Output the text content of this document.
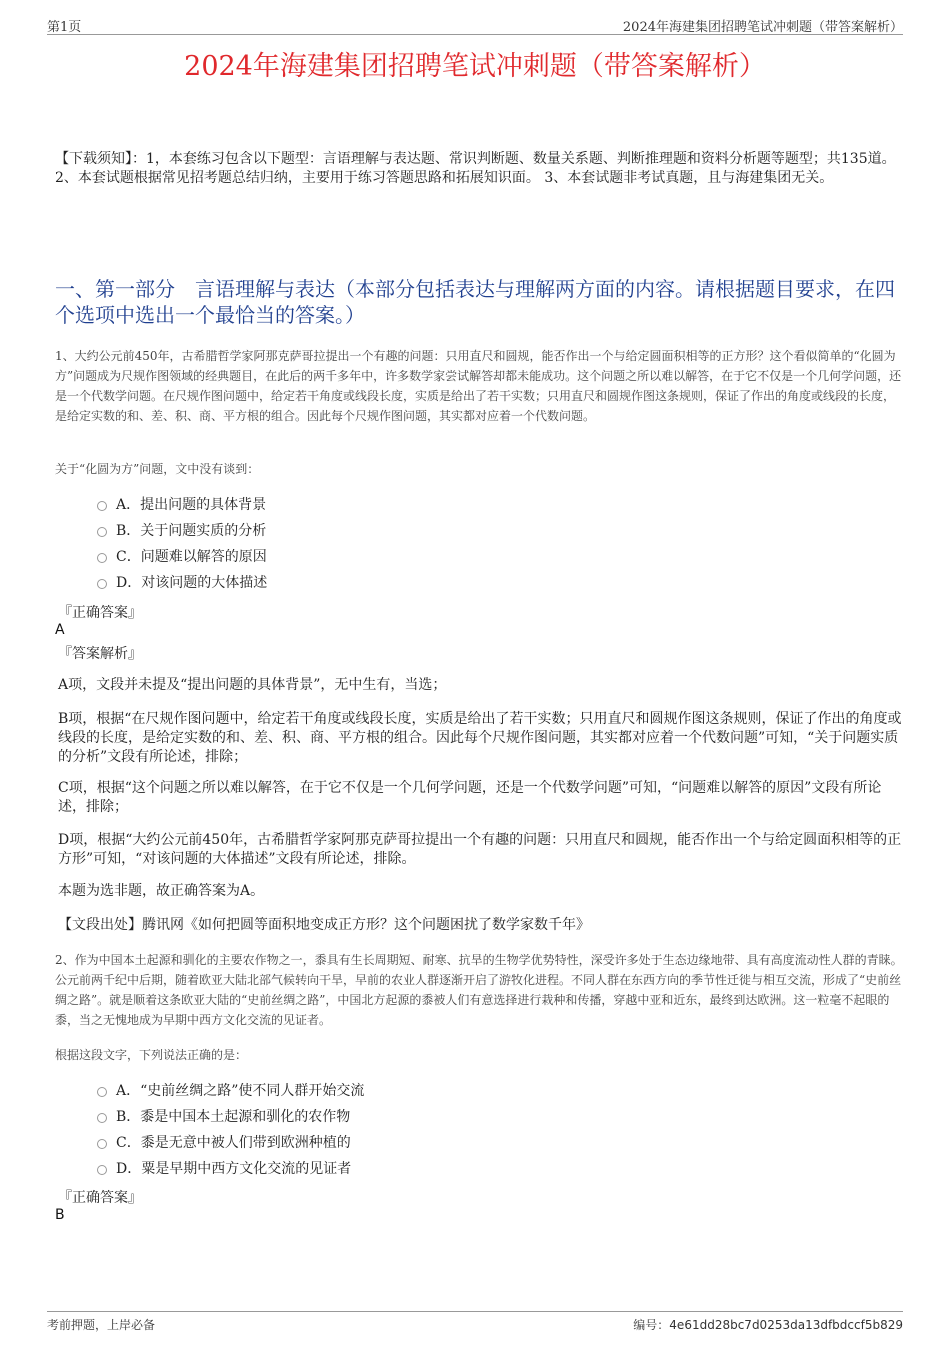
第1页	2024年海建集团招聘笔试冲刺题（带答案解析）
2024年海建集团招聘笔试冲刺题（带答案解析）
【下载须知】：1，本套练习包含以下题型：言语理解与表达题、常识判断题、数量关系题、判断推理题和资料分析题等题型；共135道。 2、本套试题根据常见招考题总结归纳，主要用于练习答题思路和拓展知识面。 3、本套试题非考试真题，且与海建集团无关。
一、第一部分　言语理解与表达（本部分包括表达与理解两方面的内容。请根据题目要求，在四个选项中选出一个最恰当的答案。）
1、大约公元前450年，古希腊哲学家阿那克萨哥拉提出一个有趣的问题：只用直尺和圆规，能否作出一个与给定圆面积相等的正方形？这个看似简单的“化圆为方”问题成为尺规作图领域的经典题目，在此后的两千多年中，许多数学家尝试解答却都未能成功。这个问题之所以难以解答，在于它不仅是一个几何学问题，还是一个代数学问题。在尺规作图问题中，给定若干角度或线段长度，实质是给出了若干实数；只用直尺和圆规作图这条规则，保证了作出的角度或线段的长度，是给定实数的和、差、积、商、平方根的组合。因此每个尺规作图问题，其实都对应着一个代数问题。
关于“化圆为方”问题，文中没有谈到：
A．提出问题的具体背景
B．关于问题实质的分析
C．问题难以解答的原因
D．对该问题的大体描述
『正确答案』
A
『答案解析』
A项，文段并未提及“提出问题的具体背景”，无中生有，当选；
B项，根据“在尺规作图问题中，给定若干角度或线段长度，实质是给出了若干实数；只用直尺和圆规作图这条规则，保证了作出的角度或线段的长度，是给定实数的和、差、积、商、平方根的组合。因此每个尺规作图问题，其实都对应着一个代数问题”可知，“关于问题实质的分析”文段有所论述，排除；
C项，根据“这个问题之所以难以解答，在于它不仅是一个几何学问题，还是一个代数学问题”可知，“问题难以解答的原因”文段有所论述，排除；
D项，根据“大约公元前450年，古希腊哲学家阿那克萨哥拉提出一个有趣的问题：只用直尺和圆规，能否作出一个与给定圆面积相等的正方形”可知，“对该问题的大体描述”文段有所论述，排除。
本题为选非题，故正确答案为A。
【文段出处】腾讯网《如何把圆等面积地变成正方形？这个问题困扰了数学家数千年》
2、作为中国本土起源和驯化的主要农作物之一，黍具有生长周期短、耐寒、抗旱的生物学优势特性，深受许多处于生态边缘地带、具有高度流动性人群的青睐。公元前两千纪中后期，随着欧亚大陆北部气候转向干旱，早前的农业人群逐渐开启了游牧化进程。不同人群在东西方向的季节性迁徙与相互交流，形成了“史前丝绸之路”。就是顺着这条欧亚大陆的“史前丝绸之路”，中国北方起源的黍被人们有意选择进行栽种和传播，穿越中亚和近东，最终到达欧洲。这一粒毫不起眼的黍，当之无愧地成为早期中西方文化交流的见证者。
根据这段文字，下列说法正确的是：
A．“史前丝绸之路”使不同人群开始交流
B．黍是中国本土起源和驯化的农作物
C．黍是无意中被人们带到欧洲种植的
D．粟是早期中西方文化交流的见证者
『正确答案』
B
考前押题，上岸必备	编号：4e61dd28bc7d0253da13dfbdccf5b829
